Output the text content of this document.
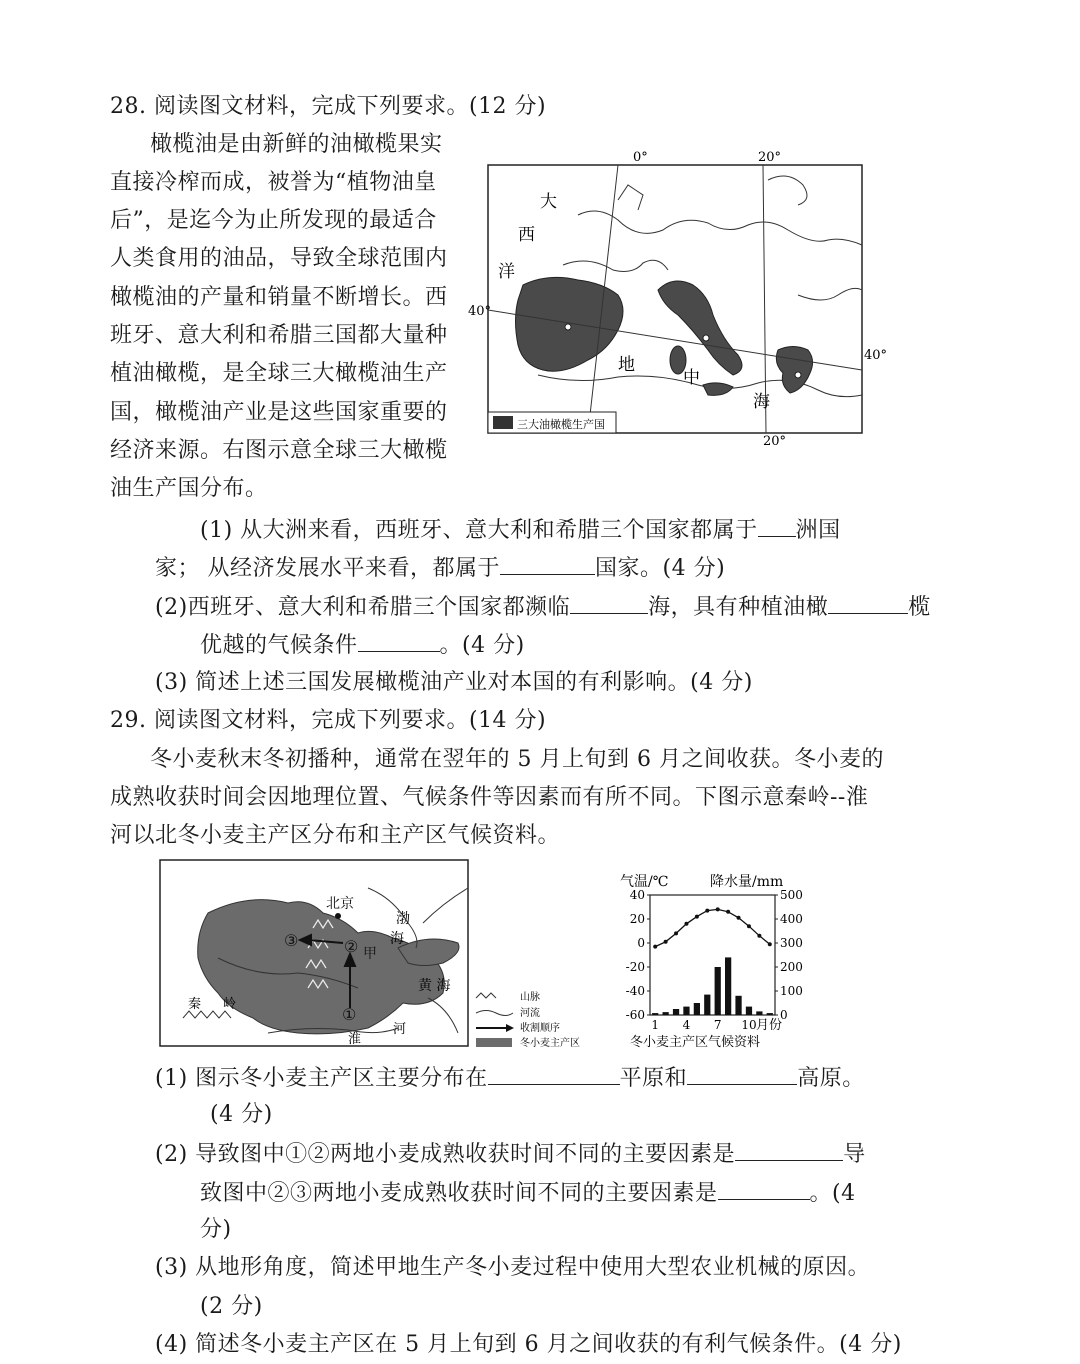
28. 阅读图文材料，完成下列要求。(12 分)
橄榄油是由新鲜的油橄榄果实
直接冷榨而成，被誉为“植物油皇
后”，是迄今为止所发现的最适合
人类食用的油品，导致全球范围内
橄榄油的产量和销量不断增长。西
班牙、意大利和希腊三国都大量种
植油橄榄，是全球三大橄榄油生产
国，橄榄油产业是这些国家重要的
经济来源。右图示意全球三大橄榄
油生产国分布。
0°	20°
20°
40°
40°
大
西
洋
地
中
海
三大油橄榄生产国
(1) 从大洲来看，西班牙、意大利和希腊三个国家都属于 洲国
家； 从经济发展水平来看，都属于	国家。(4 分)
(2)西班牙、意大利和希腊三个国家都濒临	海，具有种植油橄	榄
优越的气候条件	。(4 分)
(3) 简述上述三国发展橄榄油产业对本国的有利影响。(4 分)
29. 阅读图文材料，完成下列要求。(14 分)
冬小麦秋末冬初播种，通常在翌年的 5 月上旬到 6 月之间收获。冬小麦的
成熟收获时间会因地理位置、气候条件等因素而有所不同。下图示意秦岭--淮
河以北冬小麦主产区分布和主产区气候资料。
北京
渤
海
黄 海
甲
秦 岭
淮
河
①
②
③
山脉
河流
收割顺序
冬小麦主产区
气温/℃	降水量/mm
40
20
0
-20
-40
-60
500
400
300
200
100
0
1 4 7 10 月份
冬小麦主产区气候资料
(1) 图示冬小麦主产区主要分布在	平原和	高原。
(4 分)
(2) 导致图中①②两地小麦成熟收获时间不同的主要因素是	导
致图中②③两地小麦成熟收获时间不同的主要因素是	。(4
分)
(3) 从地形角度，简述甲地生产冬小麦过程中使用大型农业机械的原因。
(2 分)
(4) 简述冬小麦主产区在 5 月上旬到 6 月之间收获的有利气候条件。(4 分)
